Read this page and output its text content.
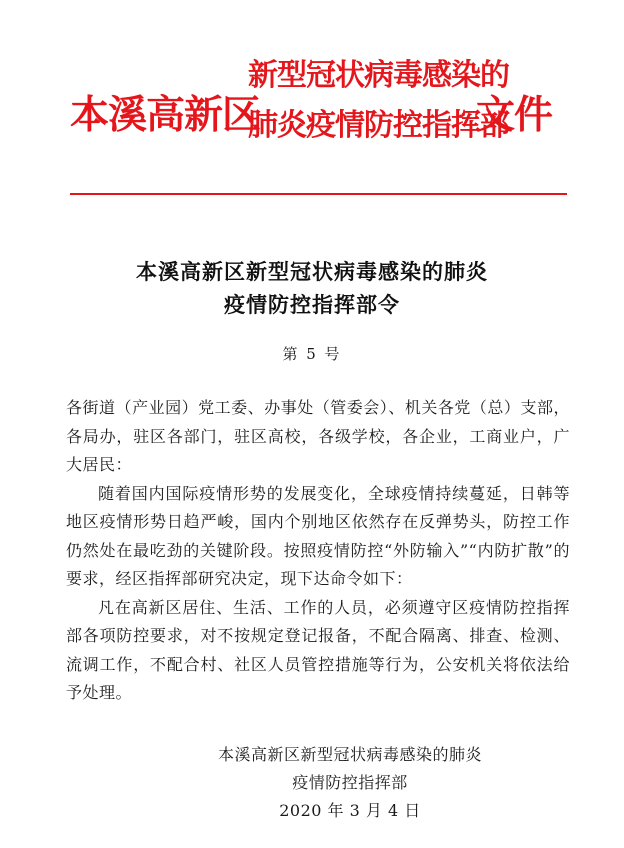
本溪高新区
新型冠状病毒感染的
肺炎疫情防控指挥部
文件
本溪高新区新型冠状病毒感染的肺炎
疫情防控指挥部令
第 5 号

各街道（产业园）党工委、办事处（管委会）、机关各党（总）支部，各局办，驻区各部门，驻区高校，各级学校，各企业，工商业户，广大居民：

随着国内国际疫情形势的发展变化，全球疫情持续蔓延，日韩等地区疫情形势日趋严峻，国内个别地区依然存在反弹势头，防控工作仍然处在最吃劲的关键阶段。按照疫情防控“外防输入”“内防扩散”的要求，经区指挥部研究决定，现下达命令如下：

凡在高新区居住、生活、工作的人员，必须遵守区疫情防控指挥部各项防控要求，对不按规定登记报备，不配合隔离、排查、检测、流调工作，不配合村、社区人员管控措施等行为，公安机关将依法给予处理。

本溪高新区新型冠状病毒感染的肺炎
疫情防控指挥部
2020 年 3 月 4 日
